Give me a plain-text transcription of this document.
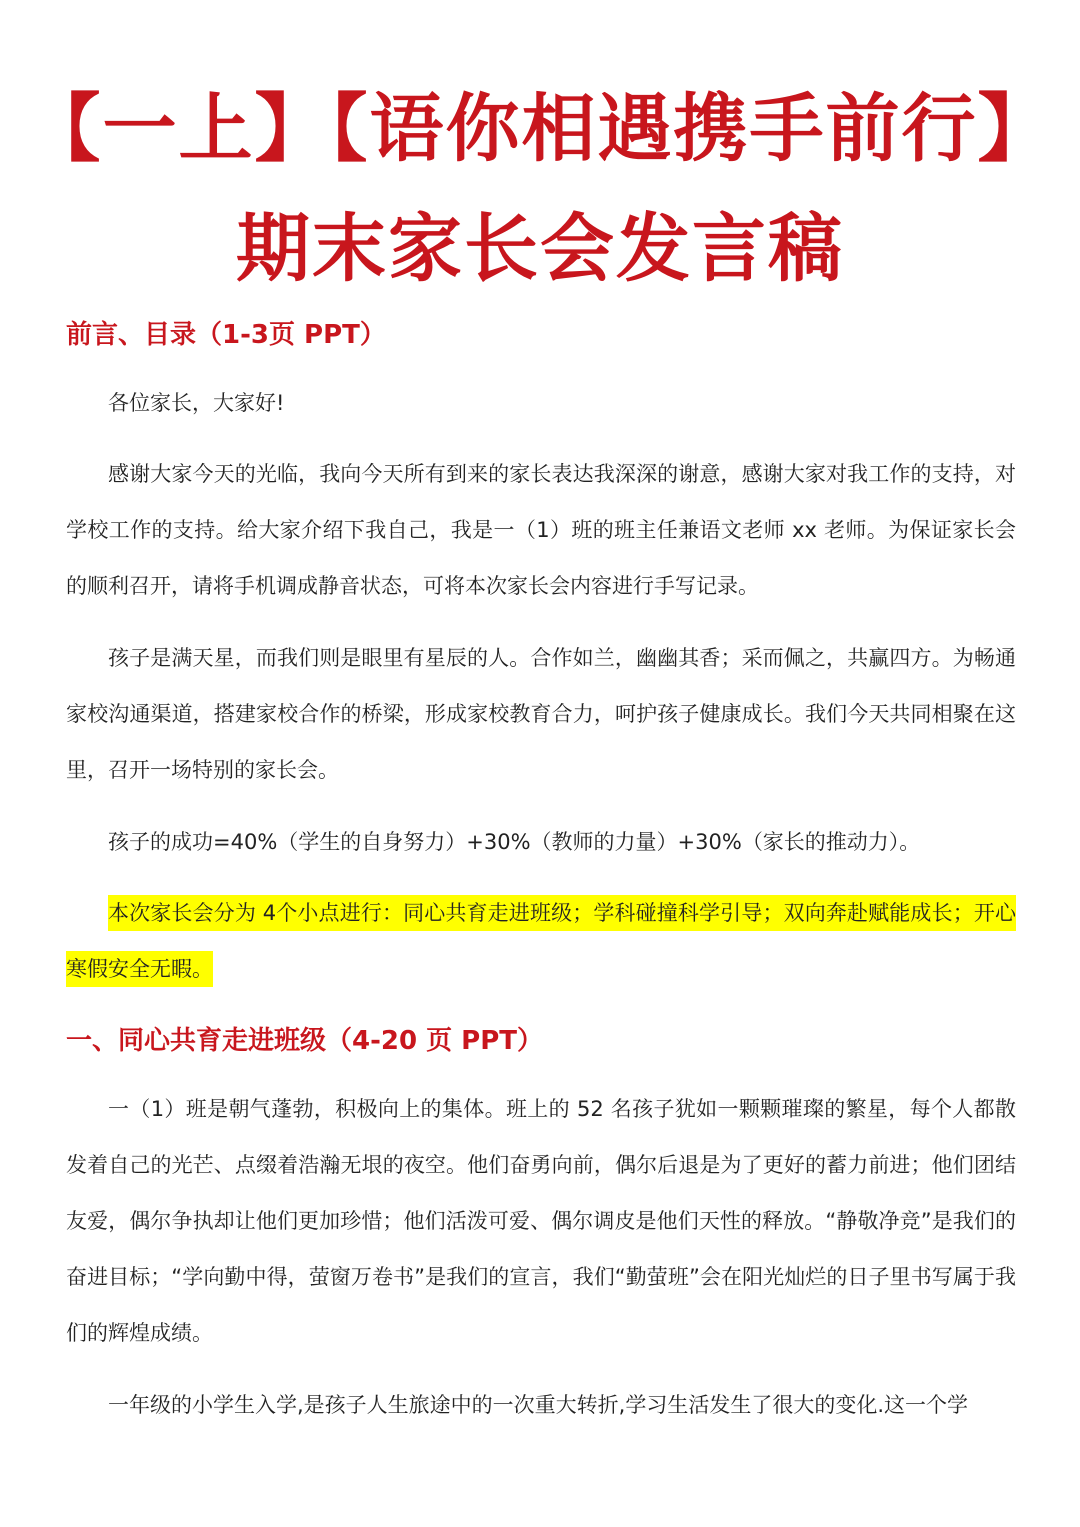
【一上】【语你相遇携手前行】
期末家长会发言稿
前言、目录（1-3页 PPT）

各位家长，大家好!

感谢大家今天的光临，我向今天所有到来的家长表达我深深的谢意，感谢大家对我工作的支持，对学校工作的支持。给大家介绍下我自己，我是一（1）班的班主任兼语文老师 xx 老师。为保证家长会的顺利召开，请将手机调成静音状态，可将本次家长会内容进行手写记录。

孩子是满天星，而我们则是眼里有星辰的人。合作如兰，幽幽其香；采而佩之，共赢四方。为畅通家校沟通渠道，搭建家校合作的桥梁，形成家校教育合力，呵护孩子健康成长。我们今天共同相聚在这里，召开一场特别的家长会。

孩子的成功=40%（学生的自身努力）+30%（教师的力量）+30%（家长的推动力）。

本次家长会分为 4个小点进行：同心共育走进班级；学科碰撞科学引导；双向奔赴赋能成长；开心寒假安全无暇。

一、同心共育走进班级（4-20 页 PPT）

一（1）班是朝气蓬勃，积极向上的集体。班上的 52 名孩子犹如一颗颗璀璨的繁星，每个人都散发着自己的光芒、点缀着浩瀚无垠的夜空。他们奋勇向前，偶尔后退是为了更好的蓄力前进；他们团结友爱，偶尔争执却让他们更加珍惜；他们活泼可爱、偶尔调皮是他们天性的释放。“静敬净竞”是我们的奋进目标；“学向勤中得，萤窗万卷书”是我们的宣言，我们“勤萤班”会在阳光灿烂的日子里书写属于我们的辉煌成绩。

一年级的小学生入学,是孩子人生旅途中的一次重大转折,学习生活发生了很大的变化.这一个学
